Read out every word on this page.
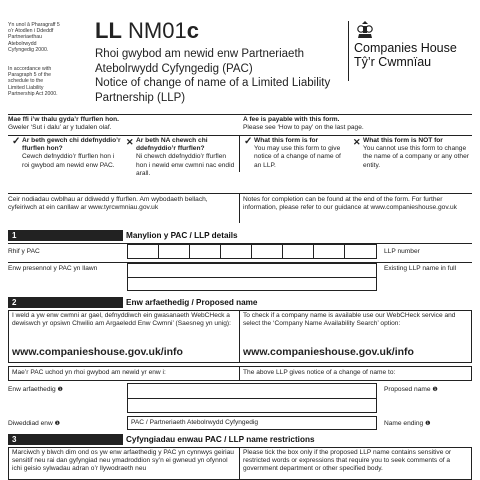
Yn unol â Pharagraff 5 o’r Atodlen i Ddeddf Partneriaethau Atebolrwydd Cyfyngedig 2000.
In accordance with Paragraph 5 of the schedule to the Limited Liability Partnership Act 2000.
LL NM01c
Rhoi gwybod am newid enw Partneriaeth
Atebolrwydd Cyfyngedig (PAC)
Notice of change of name of a Limited Liability
Partnership (LLP)
Companies House
Tŷ’r Cwmnïau
Mae ffi i’w thalu gyda’r ffurflen hon.
Gweler ‘Sut i dalu’ ar y tudalen olaf.
A fee is payable with this form.
Please see ‘How to pay’ on the last page.
✓ Ar beth gewch chi ddefnyddio’r ffurflen hon?
Cewch defnyddio’r ffurflen hon i roi gwybod am newid enw PAC.
✕ Ar beth NA chewch chi ddefnyddio’r ffurflen?
Ni chewch ddefnyddio’r ffurflen hon i newid enw cwmni nac endid arall.
✓ What this form is for
You may use this form to give notice of a change of name of an LLP.
✕ What this form is NOT for
You cannot use this form to change the name of a company or any other entity.
Ceir nodiadau cwblhau ar ddiwedd y ffurflen. Am wybodaeth bellach, cyfeiriwch at ein canllaw ar www.tyrcwmniau.gov.uk
Notes for completion can be found at the end of the form. For further information, please refer to our guidance at www.companieshouse.gov.uk
1	Manylion y PAC / LLP details
Rhif y PAC	LLP number
Enw presennol y PAC yn llawn	Existing LLP name in full
2	Enw arfaethedig / Proposed name
I weld a yw enw cwmni ar gael, defnyddiwch ein gwasanaeth WebCHeck a dewiswch yr opsiwn Chwilio am Argaeledd Enw Cwmni’ (Saesneg yn unig):
www.companieshouse.gov.uk/info
To check if a company name is available use our WebCHeck service and select the ‘Company Name Availability Search’ option:
www.companieshouse.gov.uk/info
Mae’r PAC uchod yn rhoi gwybod am newid yr enw i:	The above LLP gives notice of a change of name to:
Enw arfaethedig ❶	Proposed name ❶
Diweddiad enw ❶	PAC / Partneriaeth Atebolrwydd Cyfyngedig	Name ending ❶
3	Cyfyngiadau enwau PAC / LLP name restrictions
Marciwch y blwch dim ond os yw enw arfaethedig y PAC yn cynnwys geiriau sensitif neu rai dan gyfyngiad neu ymadroddion sy’n ei gwneud yn ofynnol ichi geisio sylwadau adran o’r llywodraeth neu
Please tick the box only if the proposed LLP name contains sensitive or restricted words or expressions that require you to seek comments of a government department or other specified body.
